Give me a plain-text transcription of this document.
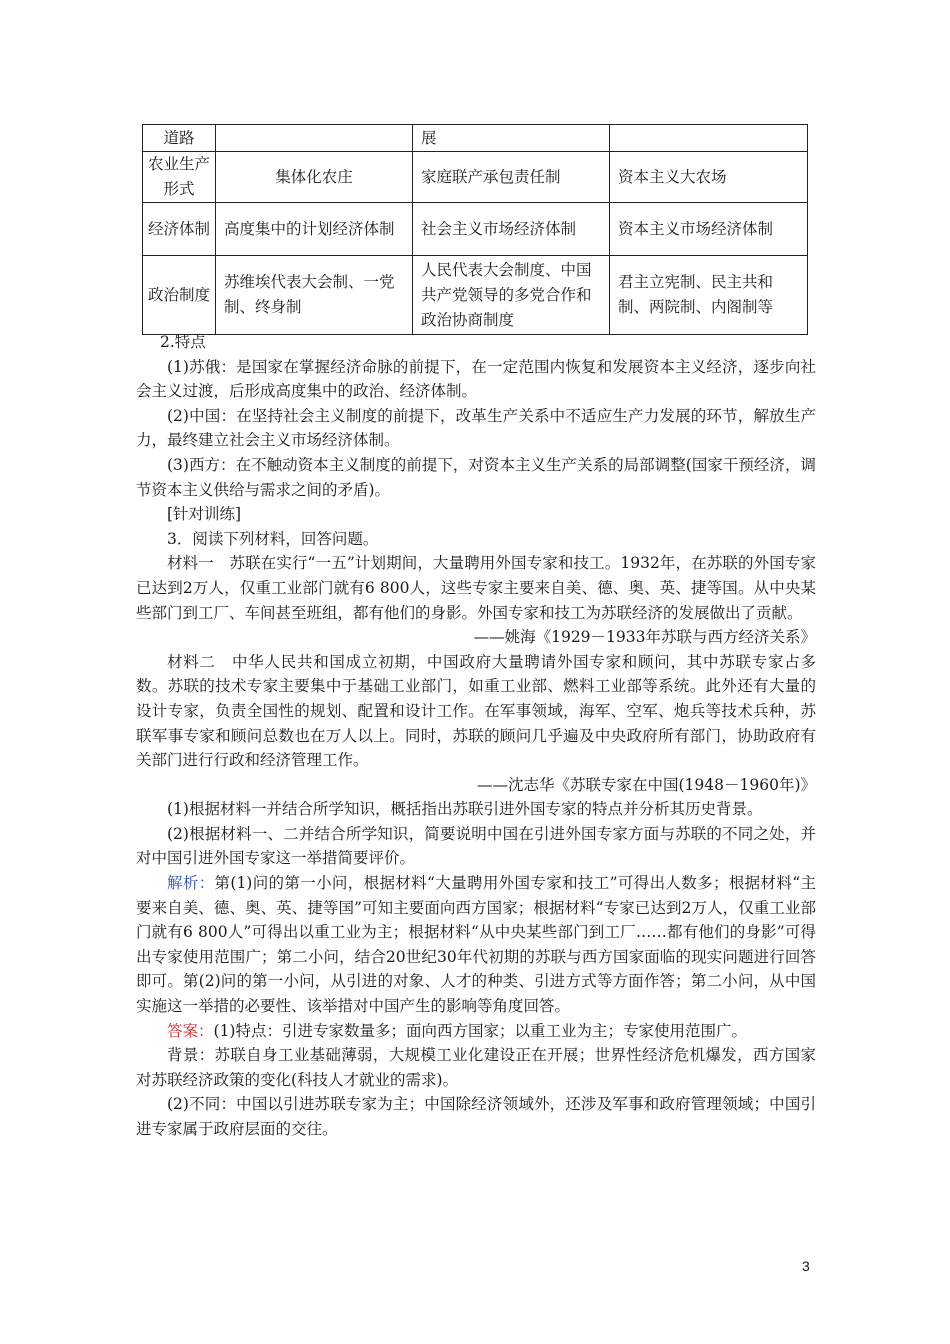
道路		展	
农业生产形式	集体化农庄	家庭联产承包责任制	资本主义大农场
经济体制	高度集中的计划经济体制	社会主义市场经济体制	资本主义市场经济体制
政治制度	苏维埃代表大会制、一党制、终身制	人民代表大会制度、中国共产党领导的多党合作和政治协商制度	君主立宪制、民主共和制、两院制、内阁制等

2.特点

(1)苏俄：是国家在掌握经济命脉的前提下，在一定范围内恢复和发展资本主义经济，逐步向社会主义过渡，后形成高度集中的政治、经济体制。

(2)中国：在坚持社会主义制度的前提下，改革生产关系中不适应生产力发展的环节，解放生产力，最终建立社会主义市场经济体制。

(3)西方：在不触动资本主义制度的前提下，对资本主义生产关系的局部调整(国家干预经济，调节资本主义供给与需求之间的矛盾)。

[针对训练]

3．阅读下列材料，回答问题。

材料一　苏联在实行“一五”计划期间，大量聘用外国专家和技工。1932年，在苏联的外国专家已达到2万人，仅重工业部门就有6 800人，这些专家主要来自美、德、奥、英、捷等国。从中央某些部门到工厂、车间甚至班组，都有他们的身影。外国专家和技工为苏联经济的发展做出了贡献。

——姚海《1929－1933年苏联与西方经济关系》

材料二　中华人民共和国成立初期，中国政府大量聘请外国专家和顾问，其中苏联专家占多数。苏联的技术专家主要集中于基础工业部门，如重工业部、燃料工业部等系统。此外还有大量的设计专家，负责全国性的规划、配置和设计工作。在军事领域，海军、空军、炮兵等技术兵种，苏联军事专家和顾问总数也在万人以上。同时，苏联的顾问几乎遍及中央政府所有部门，协助政府有关部门进行行政和经济管理工作。

——沈志华《苏联专家在中国(1948－1960年)》

(1)根据材料一并结合所学知识，概括指出苏联引进外国专家的特点并分析其历史背景。

(2)根据材料一、二并结合所学知识，简要说明中国在引进外国专家方面与苏联的不同之处，并对中国引进外国专家这一举措简要评价。

解析：第(1)问的第一小问，根据材料“大量聘用外国专家和技工”可得出人数多；根据材料“主要来自美、德、奥、英、捷等国”可知主要面向西方国家；根据材料“专家已达到2万人，仅重工业部门就有6 800人”可得出以重工业为主；根据材料“从中央某些部门到工厂……都有他们的身影”可得出专家使用范围广；第二小问，结合20世纪30年代初期的苏联与西方国家面临的现实问题进行回答即可。第(2)问的第一小问，从引进的对象、人才的种类、引进方式等方面作答；第二小问，从中国实施这一举措的必要性、该举措对中国产生的影响等角度回答。

答案：(1)特点：引进专家数量多；面向西方国家；以重工业为主；专家使用范围广。

背景：苏联自身工业基础薄弱，大规模工业化建设正在开展；世界性经济危机爆发，西方国家对苏联经济政策的变化(科技人才就业的需求)。

(2)不同：中国以引进苏联专家为主；中国除经济领域外，还涉及军事和政府管理领域；中国引进专家属于政府层面的交往。

3
